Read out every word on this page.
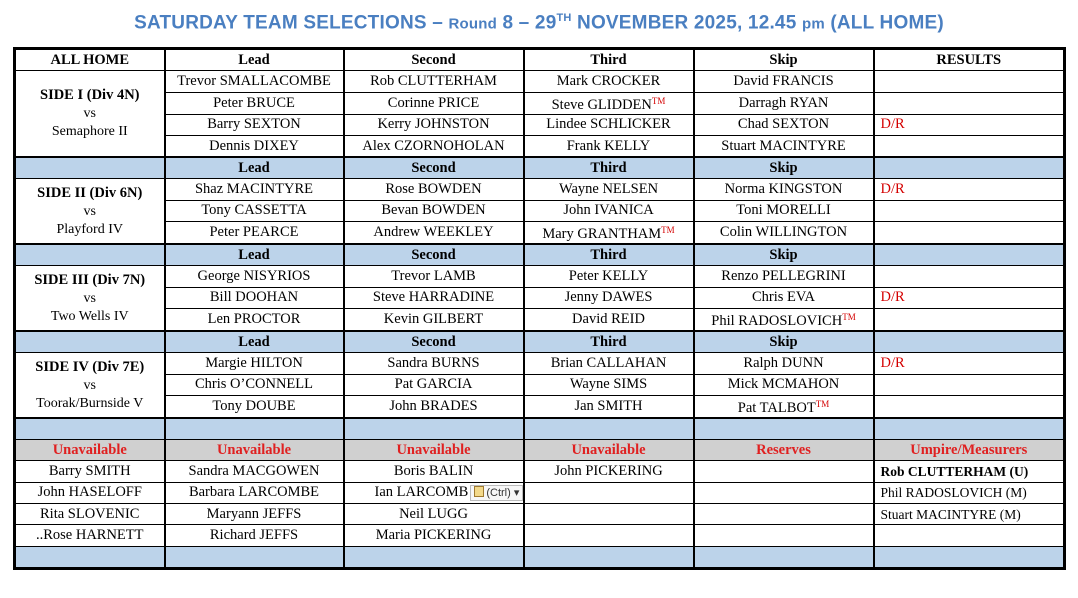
SATURDAY TEAM SELECTIONS – Round 8 – 29TH NOVEMBER 2025, 12.45 pm (ALL HOME)
ALL HOME	Lead	Second	Third	Skip	RESULTS
SIDE I (Div 4N)
vs
Semaphore II	Trevor SMALLACOMBE	Rob CLUTTERHAM	Mark CROCKER	David FRANCIS	
	Peter BRUCE	Corinne PRICE	Steve GLIDDEN™	Darragh RYAN	
	Barry SEXTON	Kerry JOHNSTON	Lindee SCHLICKER	Chad SEXTON	D/R
	Dennis DIXEY	Alex CZORNOHOLAN	Frank KELLY	Stuart MACINTYRE	
	Lead	Second	Third	Skip	
SIDE II (Div 6N)
vs
Playford IV	Shaz MACINTYRE	Rose BOWDEN	Wayne NELSEN	Norma KINGSTON	D/R
	Tony CASSETTA	Bevan BOWDEN	John IVANICA	Toni MORELLI	
	Peter PEARCE	Andrew WEEKLEY	Mary GRANTHAM™	Colin WILLINGTON	
	Lead	Second	Third	Skip	
SIDE III (Div 7N)
vs
Two Wells IV	George NISYRIOS	Trevor LAMB	Peter KELLY	Renzo PELLEGRINI	
	Bill DOOHAN	Steve HARRADINE	Jenny DAWES	Chris EVA	D/R
	Len PROCTOR	Kevin GILBERT	David REID	Phil RADOSLOVICH™	
	Lead	Second	Third	Skip	
SIDE IV (Div 7E)
vs
Toorak/Burnside V	Margie HILTON	Sandra BURNS	Brian CALLAHAN	Ralph DUNN	D/R
	Chris O’CONNELL	Pat GARCIA	Wayne SIMS	Mick MCMAHON	
	Tony DOUBE	John BRADES	Jan SMITH	Pat TALBOT™	

Unavailable	Unavailable	Unavailable	Unavailable	Reserves	Umpire/Measurers
Barry SMITH	Sandra MACGOWEN	Boris BALIN	John PICKERING		Rob CLUTTERHAM (U)
John HASELOFF	Barbara LARCOMBE	Ian LARCOMB (Ctrl) ▾			Phil RADOSLOVICH (M)
Rita SLOVENIC	Maryann JEFFS	Neil LUGG			Stuart MACINTYRE (M)
..Rose HARNETT	Richard JEFFS	Maria PICKERING			
